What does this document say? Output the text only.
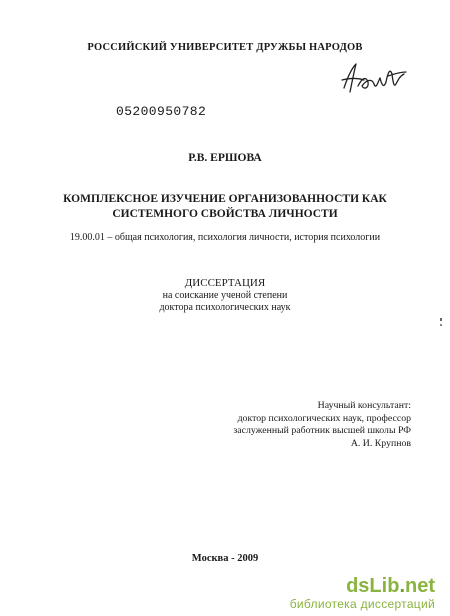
РОССИЙСКИЙ УНИВЕРСИТЕТ ДРУЖБЫ НАРОДОВ
05200950782
Р.В. ЕРШОВА
КОМПЛЕКСНОЕ ИЗУЧЕНИЕ ОРГАНИЗОВАННОСТИ КАК
СИСТЕМНОГО СВОЙСТВА ЛИЧНОСТИ
19.00.01 – общая психология, психология личности, история психологии
ДИССЕРТАЦИЯ
на соискание ученой степени
доктора психологических наук
Научный консультант:
доктор психологических наук, профессор
заслуженный работник высшей школы РФ
А. И. Крупнов
Москва - 2009
dsLib.net
библиотека диссертаций
